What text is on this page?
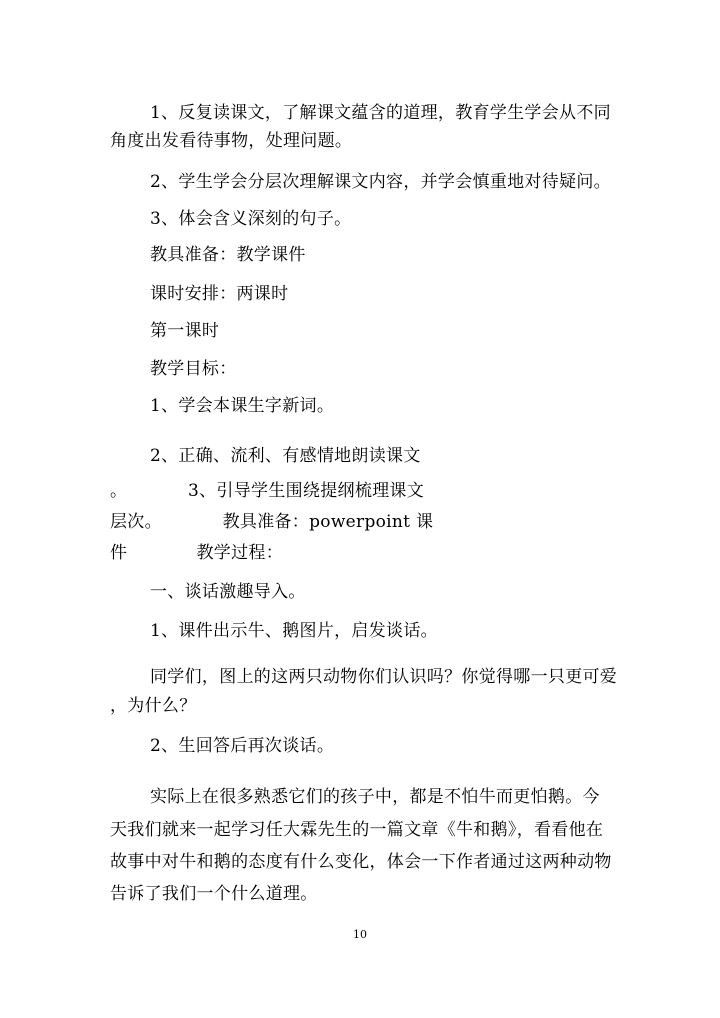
1、反复读课文，了解课文蕴含的道理，教育学生学会从不同
角度出发看待事物，处理问题。
2、学生学会分层次理解课文内容，并学会慎重地对待疑问。
3、体会含义深刻的句子。
教具准备：教学课件
课时安排：两课时
第一课时
教学目标：
1、学会本课生字新词。
2、正确、流利、有感情地朗读课文
。　　　　3、引导学生围绕提纲梳理课文
层次。　　　　教具准备：powerpoint 课
件　　　　教学过程：
一、谈话激趣导入。
1、课件出示牛、鹅图片，启发谈话。
同学们，图上的这两只动物你们认识吗？你觉得哪一只更可爱
，为什么？
2、生回答后再次谈话。
实际上在很多熟悉它们的孩子中，都是不怕牛而更怕鹅。今
天我们就来一起学习任大霖先生的一篇文章《牛和鹅》，看看他在
故事中对牛和鹅的态度有什么变化，体会一下作者通过这两种动物
告诉了我们一个什么道理。
10
